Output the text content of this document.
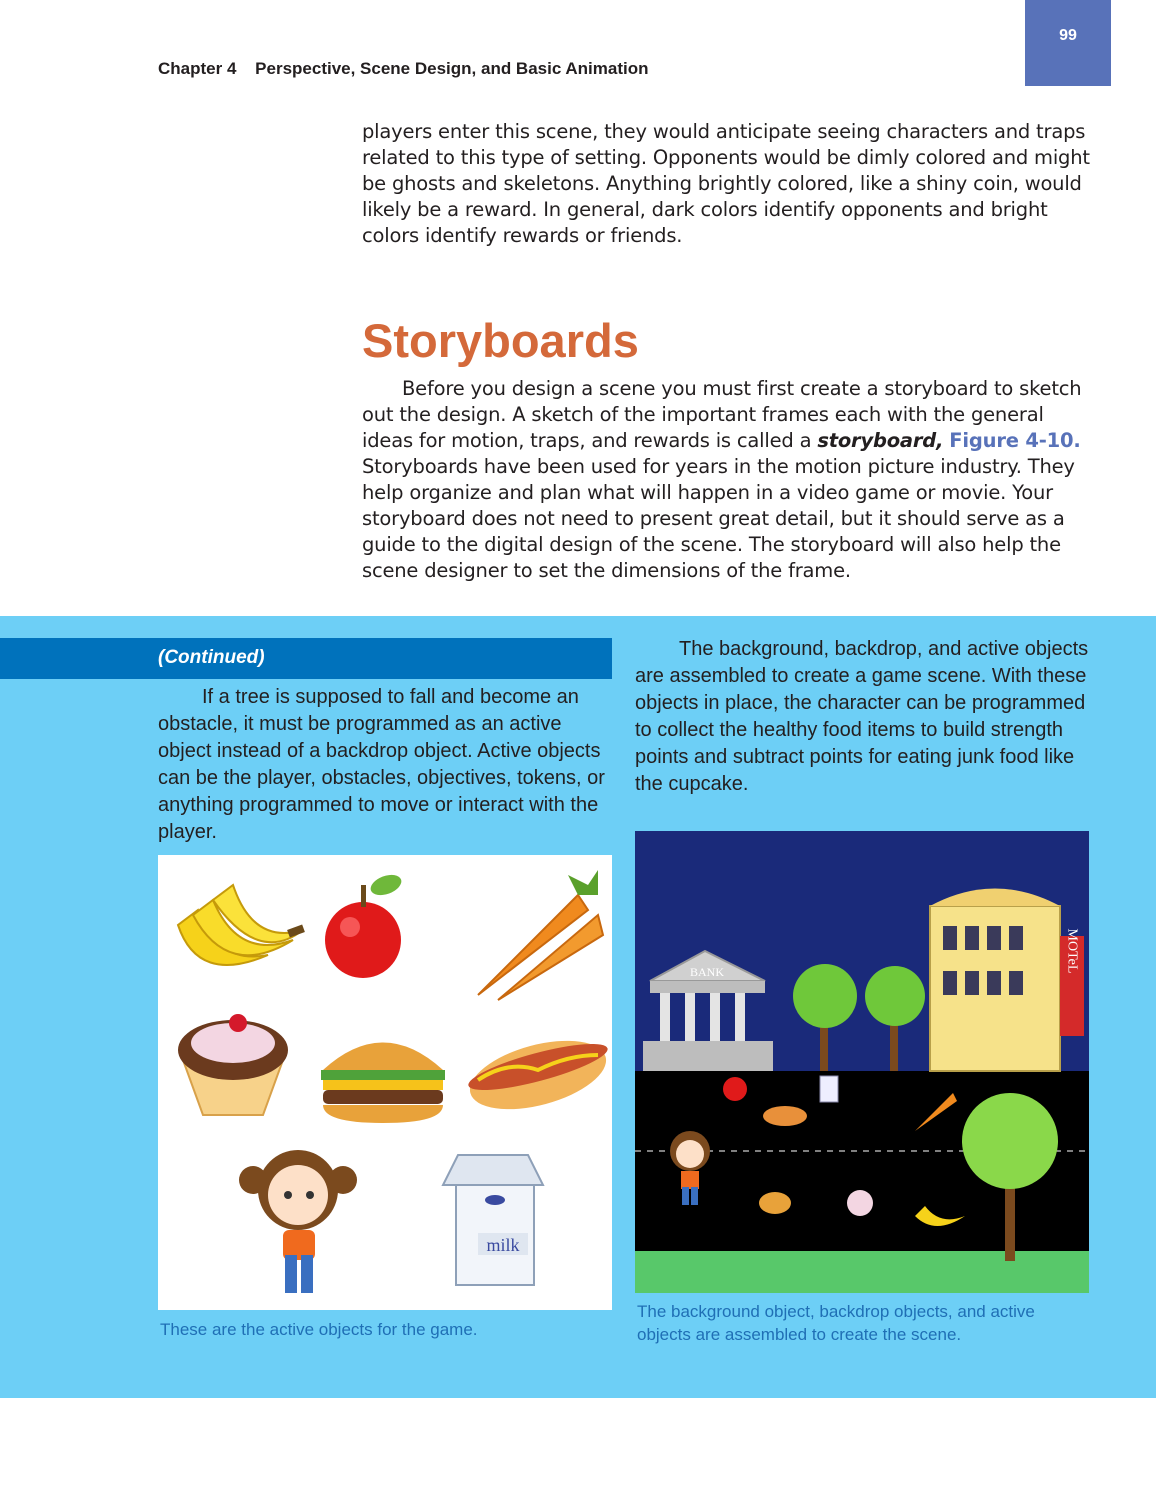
99
Chapter 4 Perspective, Scene Design, and Basic Animation
players enter this scene, they would anticipate seeing characters and traps related to this type of setting. Opponents would be dimly colored and might be ghosts and skeletons. Anything brightly colored, like a shiny coin, would likely be a reward. In general, dark colors identify opponents and bright colors identify rewards or friends.
Storyboards
Before you design a scene you must first create a storyboard to sketch out the design. A sketch of the important frames each with the general ideas for motion, traps, and rewards is called a storyboard, Figure 4-10. Storyboards have been used for years in the motion picture industry. They help organize and plan what will happen in a video game or movie. Your storyboard does not need to present great detail, but it should serve as a guide to the digital design of the scene. The storyboard will also help the scene designer to set the dimensions of the frame.
(Continued)
If a tree is supposed to fall and become an obstacle, it must be programmed as an active object instead of a backdrop object. Active objects can be the player, obstacles, objectives, tokens, or anything programmed to move or interact with the player.
The background, backdrop, and active objects are assembled to create a game scene. With these objects in place, the character can be programmed to collect the healthy food items to build strength points and subtract points for eating junk food like the cupcake.
milk
BANK	MOTeL
These are the active objects for the game.
The background object, backdrop objects, and active objects are assembled to create the scene.
